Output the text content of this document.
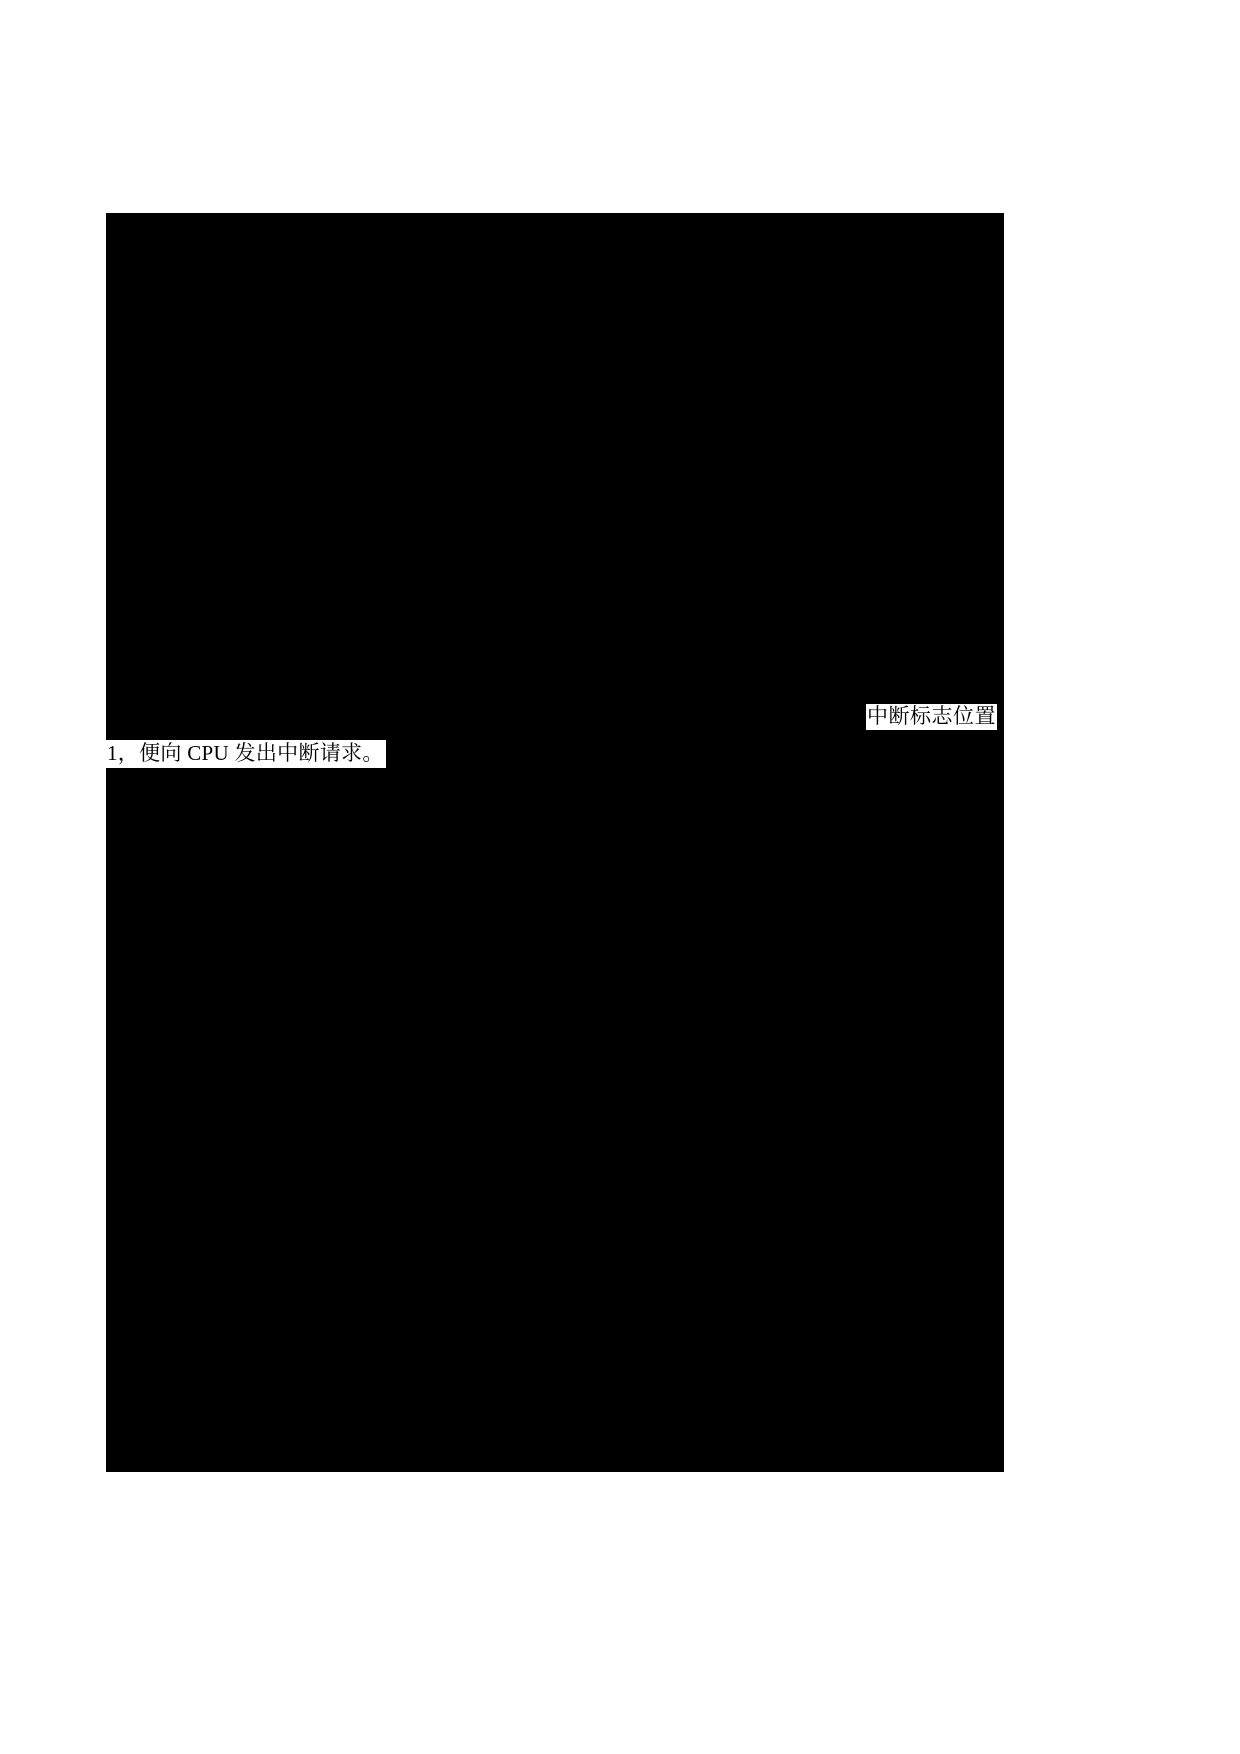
中断标志位置
1，便向 CPU 发出中断请求。
